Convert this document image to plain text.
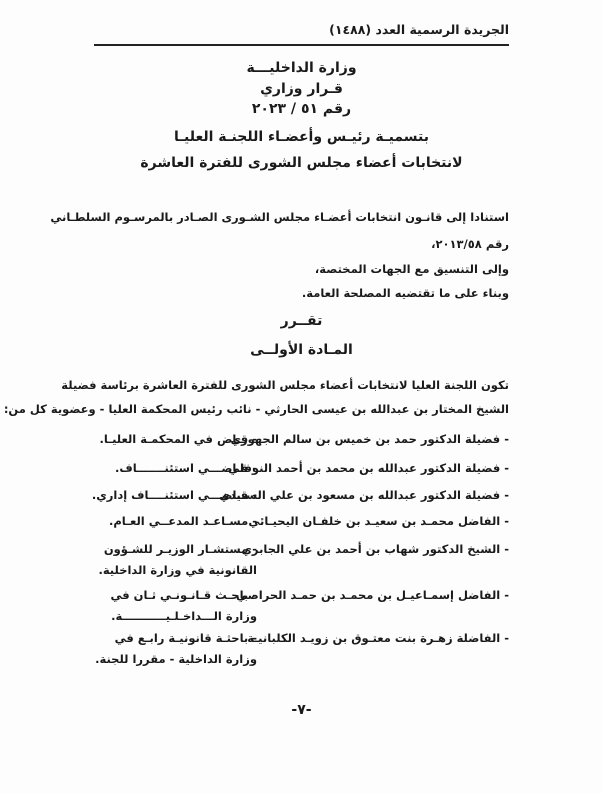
الجريدة الرسمية العدد (١٤٨٨)
وزارة الداخليـــة
قـرار وزاري
رقم ٥١ / ٢٠٢٣
بتسميـة رئيـس وأعضـاء اللجنـة العليـا
لانتخابات أعضاء مجلس الشورى للفترة العاشرة
استنادا إلى قانـون انتخابات أعضـاء مجلس الشـورى الصـادر بالمرسـوم السلطـاني
رقم ٢٠١٣/٥٨،
وإلى التنسيق مع الجهات المختصة،
وبناء على ما تقتضيه المصلحة العامة.
تقــرر
المـادة الأولــى
تكون اللجنة العليا لانتخابات أعضاء مجلس الشورى للفترة العاشرة برئاسة فضيلة
الشيخ المختار بن عبدالله بن عيسى الحارثي - نائب رئيس المحكمة العليا - وعضوية كل من:
- فضيلة الدكتور حمد بن خميس بن سالم الجهوري
- قـاض في المحكمـة العليـا.
- فضيلة الدكتور عبدالله بن محمد بن أحمد النوفلي
- قـاضـــي استئنـــــــاف.
- فضيلة الدكتور عبدالله بن مسعود بن علي السنيدي
- قـاضـــي استئنــــاف إداري.
- الفاضل محمـد بن سعيـد بن خلفـان اليحيـائي
- مسـاعـد المدعــي العـام.
- الشيخ الدكتور شهاب بن أحمد بن علي الجابري
- مستشـار الوزيـر للشـؤون
القانونية في وزارة الداخلية.
- الفاضل إسمـاعيـل بن محمـد بن حمـد الحراصي
- باحـث قـانـونـي ثـان في
وزارة الـــداخـلـيـــــــــــة.
- الفاضلة زهـرة بنت معتـوق بن زويـد الكلبانيـة
- باحثـة قانونيـة رابـع في
وزارة الداخلية - مقررا للجنة.
-٧-
